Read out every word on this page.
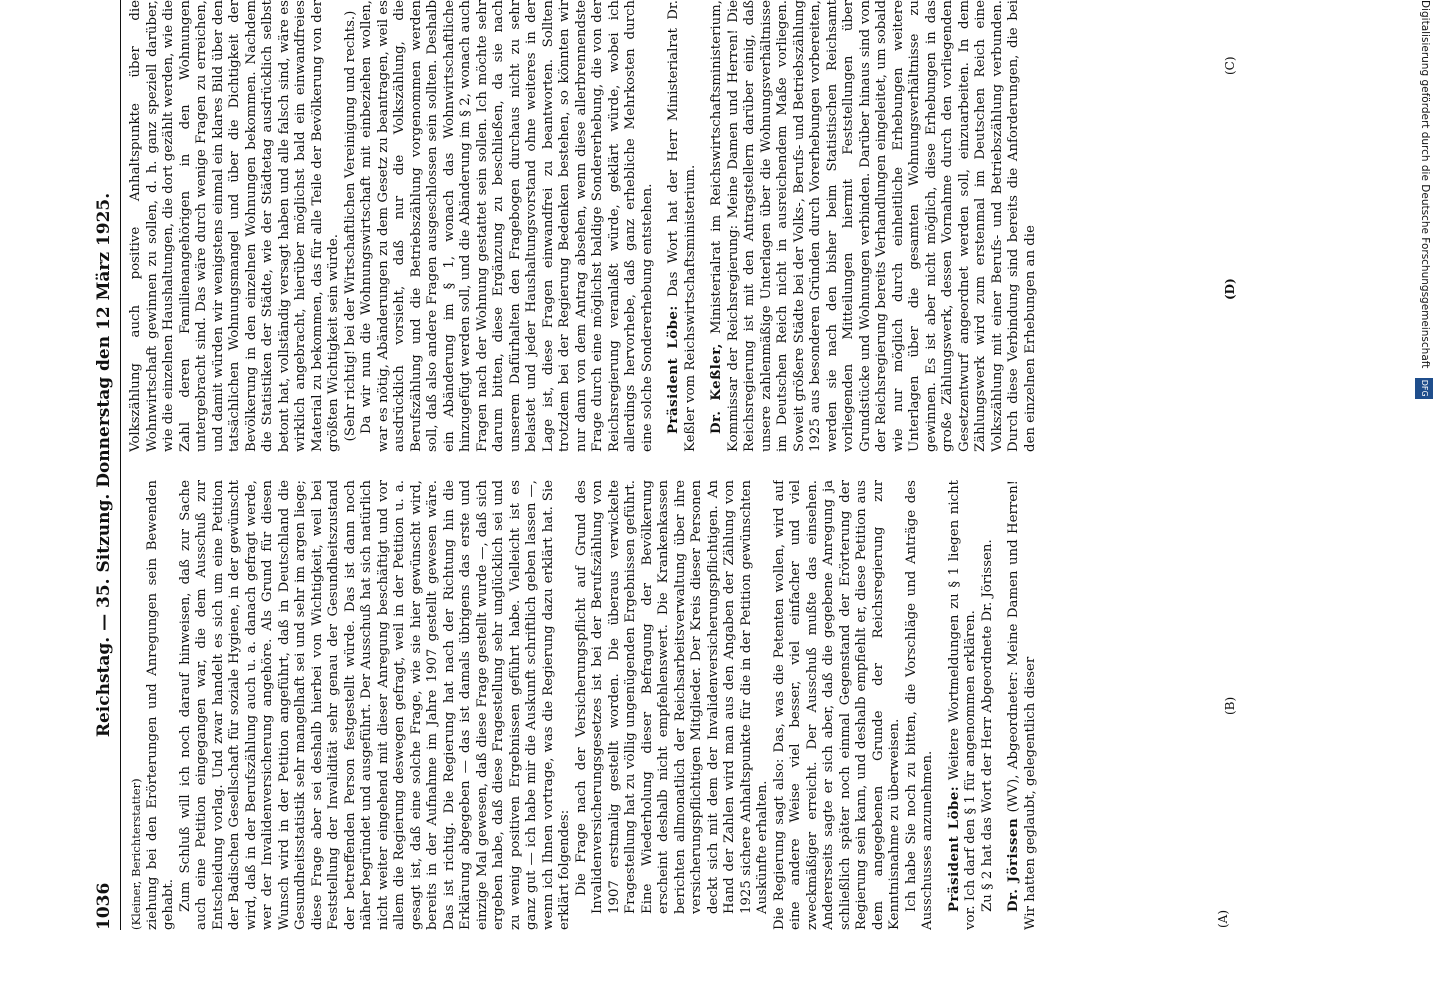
1036
Reichstag. — 35. Sitzung. Donnerstag den 12 März 1925.

(Kleiner, Berichterstatter) ziehung bei den Erörterungen und Anregungen sein Bewenden gehabt. Zum Schluß will ich noch darauf hinweisen, daß zur Sache auch eine Petition eingegangen war, die dem Ausschuß zur Entscheidung vorlag. Und zwar handelt es sich um eine Petition der Badischen Gesellschaft für soziale Hygiene, in der gewünscht wird, daß in der Berufszählung auch u. a. danach gefragt werde, wer der Invalidenversicherung angehöre. Als Grund für diesen Wunsch wird in der Petition angeführt, daß in Deutschland die Gesundheitsstatistik sehr mangelhaft sei und sehr im argen liege; diese Frage aber sei deshalb hierbei von Wichtigkeit, weil bei Feststellung der Invalidität sehr genau der Gesundheitszustand der betreffenden Person festgestellt würde. Das ist dann noch näher begründet und ausgeführt. Der Ausschuß hat sich natürlich nicht weiter eingehend mit dieser Anregung beschäftigt und vor allem die Regierung deswegen gefragt, weil in der Petition u. a. gesagt ist, daß eine solche Frage, wie sie hier gewünscht wird, bereits in der Aufnahme im Jahre 1907 gestellt gewesen wäre. Das ist richtig. Die Regierung hat nach der Richtung hin die Erklärung abgegeben — das ist damals übrigens das erste und einzige Mal gewesen, daß diese Frage gestellt wurde —, daß sich ergeben habe, daß diese Fragestellung sehr unglücklich sei und zu wenig positiven Ergebnissen geführt habe. Vielleicht ist es ganz gut — ich habe mir die Auskunft schriftlich geben lassen —, wenn ich Ihnen vortrage, was die Regierung dazu erklärt hat. Sie erklärt folgendes: Die Frage nach der Versicherungspflicht auf Grund des Invalidenversicherungsgesetzes ist bei der Berufszählung von 1907 erstmalig gestellt worden. Die überaus verwickelte Fragestellung hat zu völlig ungenügenden Ergebnissen geführt. Eine Wiederholung dieser Befragung der Bevölkerung erscheint deshalb nicht empfehlenswert. Die Krankenkassen berichten allmonatlich der Reichsarbeitsverwaltung über ihre versicherungspflichtigen Mitglieder. Der Kreis dieser Personen deckt sich mit dem der Invalidenversicherungspflichtigen. An Hand der Zahlen wird man aus den Angaben der Zählung von 1925 sichere Anhaltspunkte für die in der Petition gewünschten Auskünfte erhalten. Die Regierung sagt also: Das, was die Petenten wollen, wird auf eine andere Weise viel besser, viel einfacher und viel zweckmäßiger erreicht. Der Ausschuß mußte das einsehen. Andererseits sagte er sich aber, daß die gegebene Anregung ja schließlich später noch einmal Gegenstand der Erörterung der Regierung sein kann, und deshalb empfiehlt er, diese Petition aus dem angegebenen Grunde der Reichsregierung zur Kenntnisnahme zu überweisen. Ich habe Sie noch zu bitten, die Vorschläge und Anträge des Ausschusses anzunehmen. Präsident Löbe: Weitere Wortmeldungen zu § 1 liegen nicht vor. Ich darf den § 1 für angenommen erklären. Zu § 2 hat das Wort der Herr Abgeordnete Dr. Jörissen. Dr. Jörissen (WV), Abgeordneter: Meine Damen und Herren! Wir hatten geglaubt, gelegentlich dieser

Volkszählung auch positive Anhaltspunkte über die Wohnwirtschaft gewinnen zu sollen, d. h. ganz speziell darüber, wie die einzelnen Haushaltungen, die dort gezählt werden, wie die Zahl deren Familienangehörigen in den Wohnungen untergebracht sind. Das wäre durch wenige Fragen zu erreichen, und damit würden wir wenigstens einmal ein klares Bild über den tatsächlichen Wohnungsmangel und über die Dichtigkeit der Bevölkerung in den einzelnen Wohnungen bekommen. Nachdem die Statistiken der Städte, wie der Städtetag ausdrücklich selbst betont hat, vollständig versagt haben und alle falsch sind, wäre es wirklich angebracht, hierüber möglichst bald ein einwandfreies Material zu bekommen, das für alle Teile der Bevölkerung von der größten Wichtigkeit sein würde. (Sehr richtig! bei der Wirtschaftlichen Vereinigung und rechts.) Da wir nun die Wohnungswirtschaft mit einbeziehen wollen, war es nötig, Abänderungen zu dem Gesetz zu beantragen, weil es ausdrücklich vorsieht, daß nur die Volkszählung, die Berufszählung und die Betriebszählung vorgenommen werden soll, daß also andere Fragen ausgeschlossen sein sollten. Deshalb ein Abänderung im § 1, wonach das Wohnwirtschaftliche hinzugefügt werden soll, und die Abänderung im § 2, wonach auch Fragen nach der Wohnung gestattet sein sollen. Ich möchte sehr darum bitten, diese Ergänzung zu beschließen, da sie nach unserem Dafürhalten den Fragebogen durchaus nicht zu sehr belastet und jeder Haushaltungsvorstand ohne weiteres in der Lage ist, diese Fragen einwandfrei zu beantworten. Sollten trotzdem bei der Regierung Bedenken bestehen, so könnten wir nur dann von dem Antrag absehen, wenn diese allerbrennendste Frage durch eine möglichst baldige Sondererhebung, die von der Reichsregierung veranlaßt würde, geklärt würde, wobei ich allerdings hervorhebe, daß ganz erhebliche Mehrkosten durch eine solche Sondererhebung entstehen. Präsident Löbe: Das Wort hat der Herr Ministerialrat Dr. Keßler vom Reichswirtschaftsministerium. Dr. Keßler, Ministerialrat im Reichswirtschaftsministerium, Kommissar der Reichsregierung: Meine Damen und Herren! Die Reichsregierung ist mit den Antragstellern darüber einig, daß unsere zahlenmäßige Unterlagen über die Wohnungsverhältnisse im Deutschen Reich nicht in ausreichendem Maße vorliegen. Soweit größere Städte bei der Volks-, Berufs- und Betriebszählung 1925 aus besonderen Gründen durch Vorerhebungen vorbereiten, werden sie nach den bisher beim Statistischen Reichsamt vorliegenden Mitteilungen hiermit Feststellungen über Grundstücke und Wohnungen verbinden. Darüber hinaus sind von der Reichsregierung bereits Verhandlungen eingeleitet, um sobald wie nur möglich durch einheitliche Erhebungen weitere Unterlagen über die gesamten Wohnungsverhältnisse zu gewinnen. Es ist aber nicht möglich, diese Erhebungen in das große Zählungswerk, dessen Vornahme durch den vorliegenden Gesetzentwurf angeordnet werden soll, einzuarbeiten. In dem Zählungswerk wird zum erstenmal im Deutschen Reich eine Volkszählung mit einer Berufs- und Betriebszählung verbunden. Durch diese Verbindung sind bereits die Anforderungen, die bei den einzelnen Erhebungen an die

(A)
(B)
(C)
(D)	Digitalisierung gefördert durch die Deutsche Forschungsgemeinschaft DFG
